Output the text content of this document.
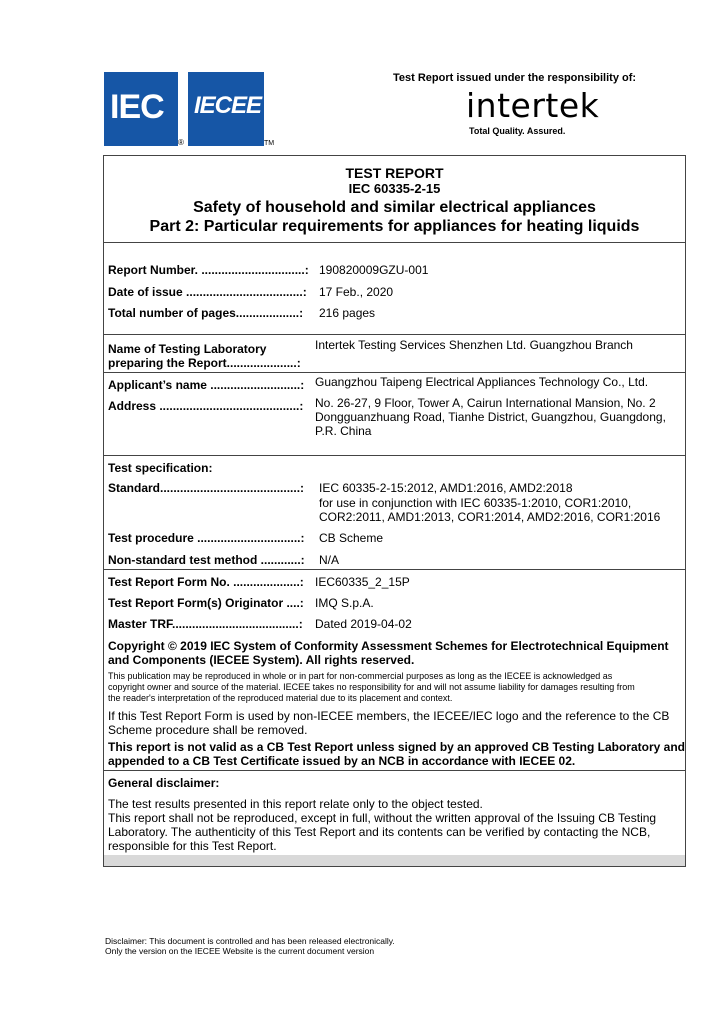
IEC
®
IECEE
TM
Test Report issued under the responsibility of:
intertek
Total Quality. Assured.
TEST REPORT
IEC 60335-2-15
Safety of household and similar electrical appliances
Part 2: Particular requirements for appliances for heating liquids
Report Number. ...............................: 190820009GZU-001
Date of issue ...................................: 17 Feb., 2020
Total number of pages...................: 216 pages
Name of Testing Laboratory
preparing the Report.....................:
Intertek Testing Services Shenzhen Ltd. Guangzhou Branch
Applicant’s name ...........................: Guangzhou Taipeng Electrical Appliances Technology Co., Ltd.
Address ..........................................: No. 26-27, 9 Floor, Tower A, Cairun International Mansion, No. 2
Dongguanzhuang Road, Tianhe District, Guangzhou, Guangdong,
P.R. China
Test specification:
Standard..........................................: IEC 60335-2-15:2012, AMD1:2016, AMD2:2018
for use in conjunction with IEC 60335-1:2010, COR1:2010,
COR2:2011, AMD1:2013, COR1:2014, AMD2:2016, COR1:2016
Test procedure ...............................: CB Scheme
Non-standard test method ............: N/A
Test Report Form No. ....................: IEC60335_2_15P
Test Report Form(s) Originator ....: IMQ S.p.A.
Master TRF......................................: Dated 2019-04-02
Copyright © 2019 IEC System of Conformity Assessment Schemes for Electrotechnical Equipment
and Components (IECEE System). All rights reserved.
This publication may be reproduced in whole or in part for non-commercial purposes as long as the IECEE is acknowledged as
copyright owner and source of the material. IECEE takes no responsibility for and will not assume liability for damages resulting from
the reader's interpretation of the reproduced material due to its placement and context.
If this Test Report Form is used by non-IECEE members, the IECEE/IEC logo and the reference to the CB
Scheme procedure shall be removed.
This report is not valid as a CB Test Report unless signed by an approved CB Testing Laboratory and
appended to a CB Test Certificate issued by an NCB in accordance with IECEE 02.
General disclaimer:
The test results presented in this report relate only to the object tested.
This report shall not be reproduced, except in full, without the written approval of the Issuing CB Testing
Laboratory. The authenticity of this Test Report and its contents can be verified by contacting the NCB,
responsible for this Test Report.
Disclaimer: This document is controlled and has been released electronically.
Only the version on the IECEE Website is the current document version
